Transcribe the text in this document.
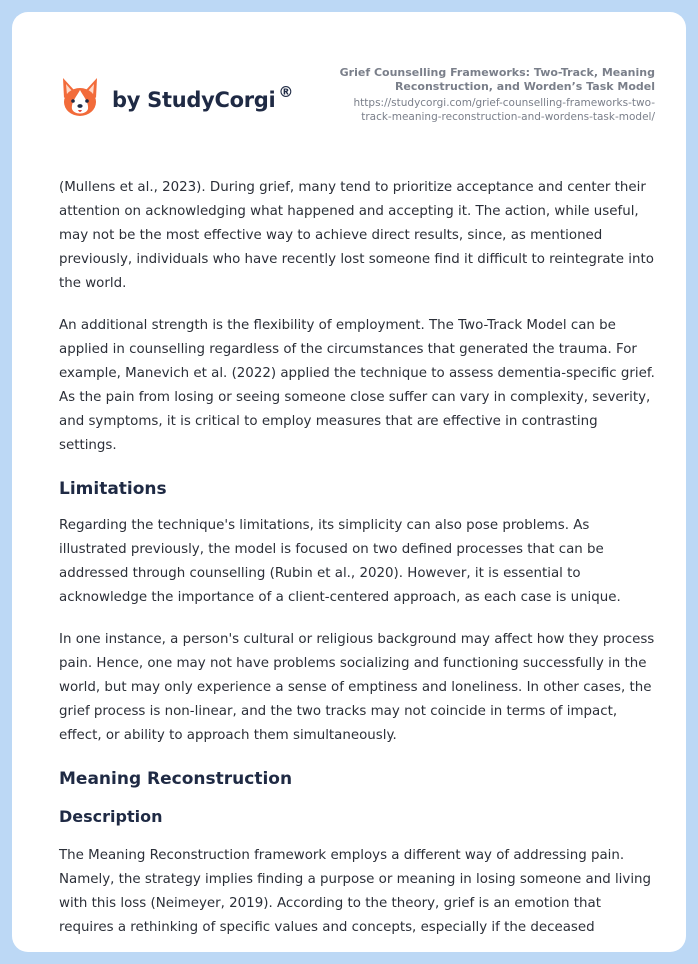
by StudyCorgi ®
Grief Counselling Frameworks: Two-Track, Meaning Reconstruction, and Worden’s Task Model
https://studycorgi.com/grief-counselling-frameworks-two-track-meaning-reconstruction-and-wordens-task-model/

(Mullens et al., 2023). During grief, many tend to prioritize acceptance and center their attention on acknowledging what happened and accepting it. The action, while useful, may not be the most effective way to achieve direct results, since, as mentioned previously, individuals who have recently lost someone find it difficult to reintegrate into the world.

An additional strength is the flexibility of employment. The Two-Track Model can be applied in counselling regardless of the circumstances that generated the trauma. For example, Manevich et al. (2022) applied the technique to assess dementia-specific grief. As the pain from losing or seeing someone close suffer can vary in complexity, severity, and symptoms, it is critical to employ measures that are effective in contrasting settings.

Limitations

Regarding the technique's limitations, its simplicity can also pose problems. As illustrated previously, the model is focused on two defined processes that can be addressed through counselling (Rubin et al., 2020). However, it is essential to acknowledge the importance of a client-centered approach, as each case is unique.

In one instance, a person's cultural or religious background may affect how they process pain. Hence, one may not have problems socializing and functioning successfully in the world, but may only experience a sense of emptiness and loneliness. In other cases, the grief process is non-linear, and the two tracks may not coincide in terms of impact, effect, or ability to approach them simultaneously.

Meaning Reconstruction
Description

The Meaning Reconstruction framework employs a different way of addressing pain. Namely, the strategy implies finding a purpose or meaning in losing someone and living with this loss (Neimeyer, 2019). According to the theory, grief is an emotion that requires a rethinking of specific values and concepts, especially if the deceased
